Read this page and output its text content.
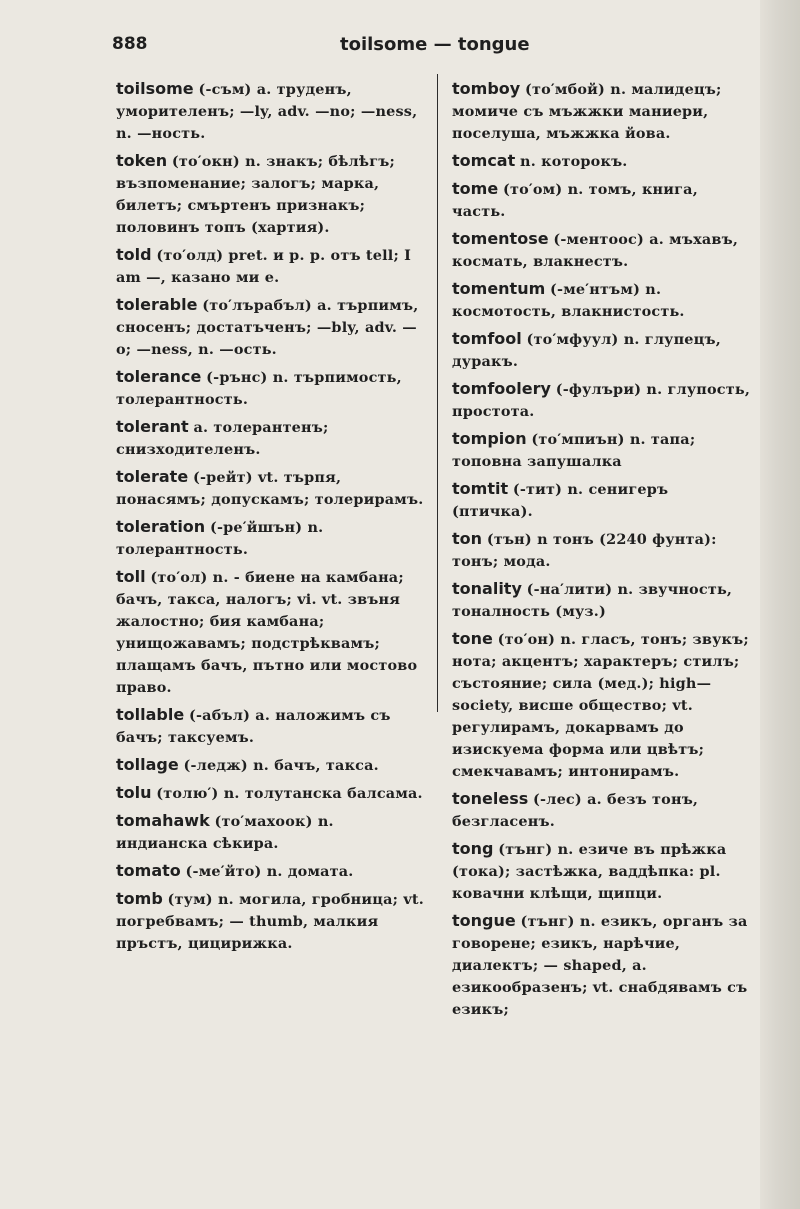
888	toilsome — tongue

toilsome (-съм) a. труденъ, уморителенъ; —ly, adv. —no; —ness, n. —ность.

token (то′окн) n. знакъ; бѣлѣгъ; възпоменание; залогъ; марка, билетъ; смъртенъ признакъ; половинъ топъ (хартия).

told (то′олд) pret. и p. p. отъ tell; I am —, казано ми е.

tolerable (то′лърабъл) a. търпимъ, сносенъ; достатъченъ; —bly, adv. —о; —ness, n. —ость.

tolerance (-рънс) n. търпимость, толерантность.

tolerant a. толерантенъ; снизходителенъ.

tolerate (-рейт) vt. търпя, понасямъ; допускамъ; толерирамъ.

toleration (-ре′йшън) n. толерантность.

toll (то′ол) n. - биене на камбана; бачъ, такса, налогъ; vi. vt. звъня жалостно; бия камбана; унищожавамъ; подстрѣквамъ; плащамъ бачъ, пътно или мостово право.

tollable (-абъл) a. наложимъ съ бачъ; таксуемъ.

tollage (-ледж) n. бачъ, такса.

tolu (толю′) n. толутанска балсама.

tomahawk (то′махоок) n. индианска сѣкира.

tomato (-ме′йто) n. домата.

tomb (тум) n. могила, гробница; vt. погребвамъ; — thumb, малкия пръстъ, цицирижка.

tomboy (то′мбой) n. малидецъ; момиче съ мъжжки маниери, поселуша, мъжжка йова.

tomcat n. которокъ.

tome (то′ом) n. томъ, книга, часть.

tomentose (-ментоос) a. мъхавъ, космать, влакнестъ.

tomentum (-ме′нтъм) n. космотость, влакнистость.

tomfool (то′мфуул) n. глупецъ, дуракъ.

tomfoolery (-фулъри) n. глупость, простота.

tompion (то′мпиън) n. тапа; топовна запушалка

tomtit (-тит) n. сенигеръ (птичка).

ton (тън) n тонъ (2240 фунта): тонъ; мода.

tonality (-на′лити) n. звучность, тоналность (муз.)

tone (то′он) n. гласъ, тонъ; звукъ; нота; акцентъ; характеръ; стилъ; състояние; сила (мед.); high—society, висше общество; vt. регулирамъ, докарвамъ до изискуема форма или цвѣтъ; смекчавамъ; интонирамъ.

toneless (-лес) a. безъ тонъ, безгласенъ.

tong (тънг) n. езиче въ прѣжка (тока); застѣжка, ваддѣпка: pl. ковачни клѣщи, щипци.

tongue (тънг) n. езикъ, органъ за говорене; езикъ, нарѣчие, диалектъ; — shaped, a. езикообразенъ; vt. снабдявамъ съ езикъ;
